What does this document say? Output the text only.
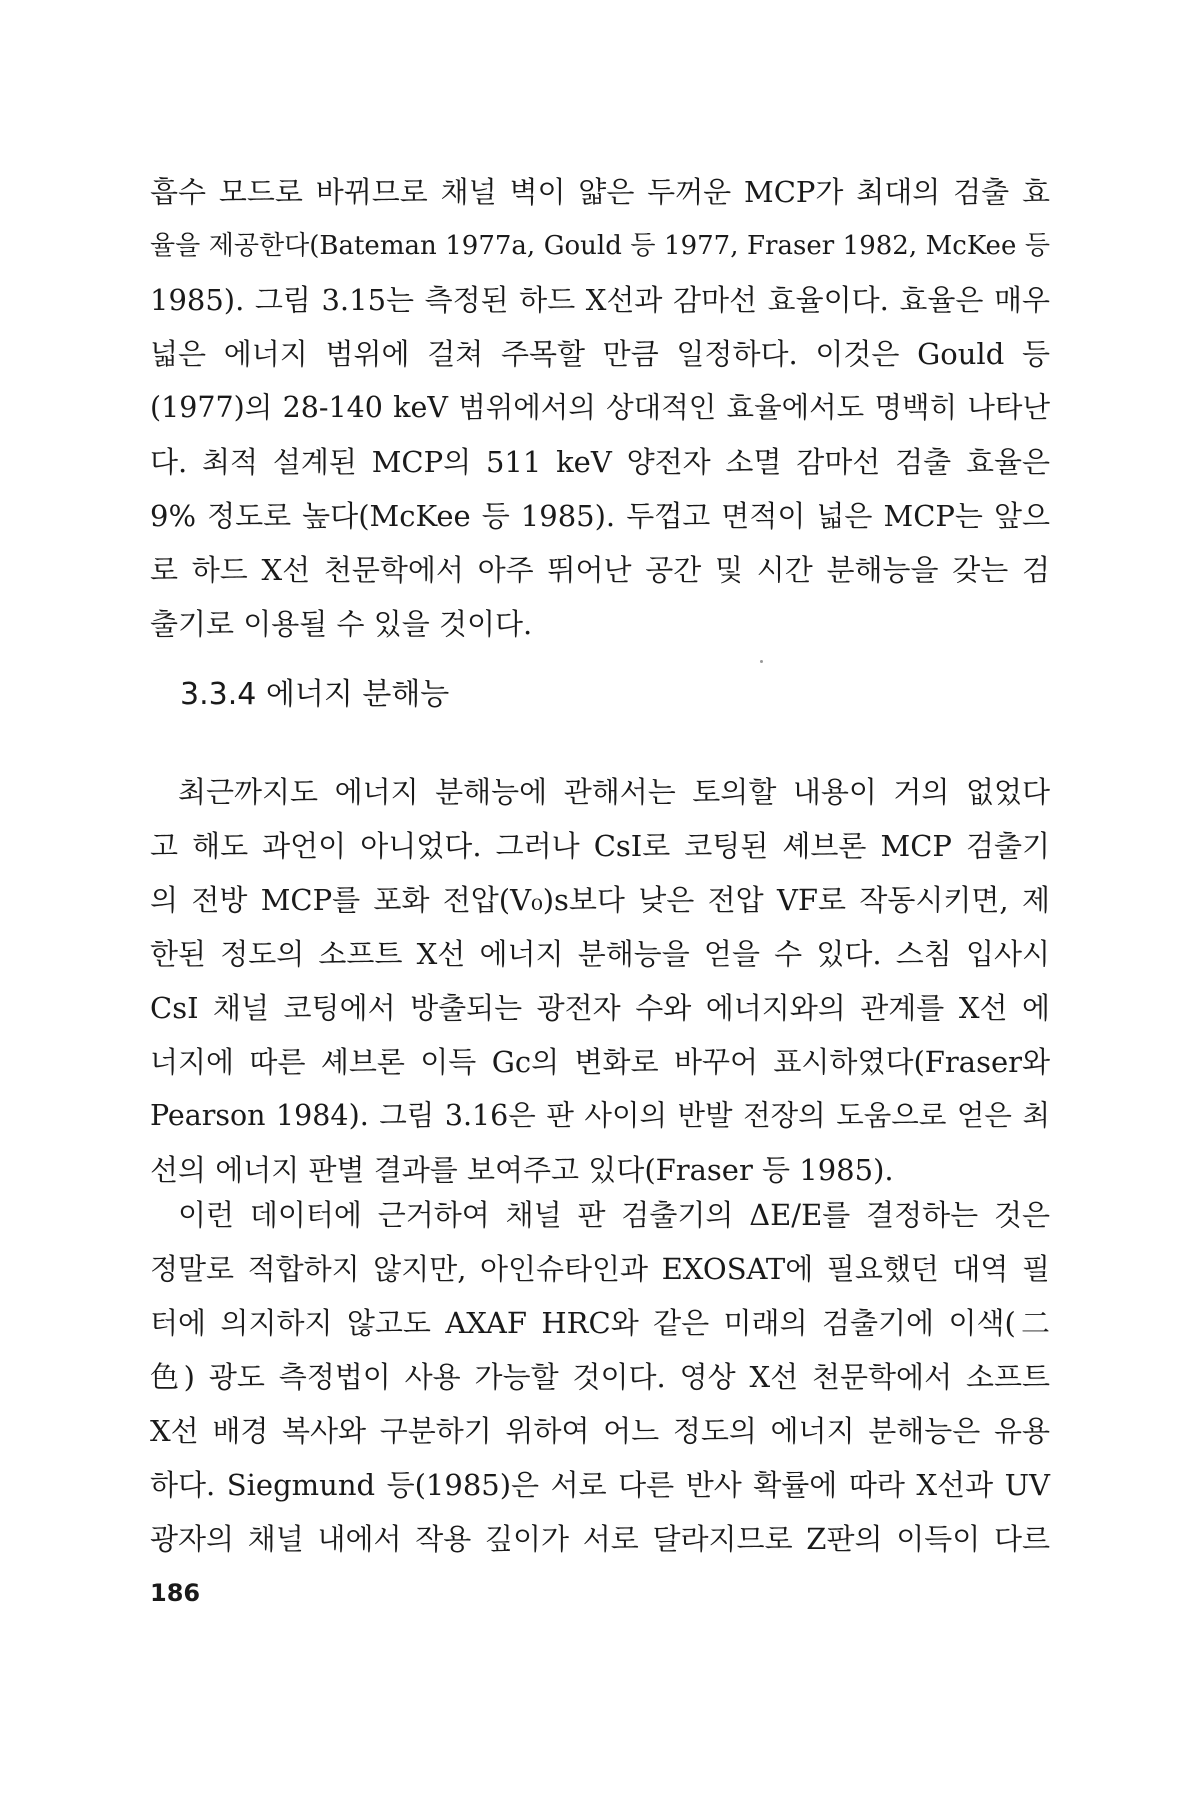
흡수 모드로 바뀌므로 채널 벽이 얇은 두꺼운 MCP가 최대의 검출 효
율을 제공한다(Bateman 1977a, Gould 등 1977, Fraser 1982, McKee 등
1985). 그림 3.15는 측정된 하드 X선과 감마선 효율이다. 효율은 매우
넓은 에너지 범위에 걸쳐 주목할 만큼 일정하다. 이것은 Gould 등
(1977)의 28-140 keV 범위에서의 상대적인 효율에서도 명백히 나타난
다. 최적 설계된 MCP의 511 keV 양전자 소멸 감마선 검출 효율은
9% 정도로 높다(McKee 등 1985). 두껍고 면적이 넓은 MCP는 앞으
로 하드 X선 천문학에서 아주 뛰어난 공간 및 시간 분해능을 갖는 검
출기로 이용될 수 있을 것이다.
3.3.4 에너지 분해능
최근까지도 에너지 분해능에 관해서는 토의할 내용이 거의 없었다
고 해도 과언이 아니었다. 그러나 CsI로 코팅된 셰브론 MCP 검출기
의 전방 MCP를 포화 전압(V₀)s보다 낮은 전압 VF로 작동시키면, 제
한된 정도의 소프트 X선 에너지 분해능을 얻을 수 있다. 스침 입사시
CsI 채널 코팅에서 방출되는 광전자 수와 에너지와의 관계를 X선 에
너지에 따른 셰브론 이득 Gc의 변화로 바꾸어 표시하였다(Fraser와
Pearson 1984). 그림 3.16은 판 사이의 반발 전장의 도움으로 얻은 최
선의 에너지 판별 결과를 보여주고 있다(Fraser 등 1985).
이런 데이터에 근거하여 채널 판 검출기의 ΔE/E를 결정하는 것은
정말로 적합하지 않지만, 아인슈타인과 EXOSAT에 필요했던 대역 필
터에 의지하지 않고도 AXAF HRC와 같은 미래의 검출기에 이색(二
色) 광도 측정법이 사용 가능할 것이다. 영상 X선 천문학에서 소프트
X선 배경 복사와 구분하기 위하여 어느 정도의 에너지 분해능은 유용
하다. Siegmund 등(1985)은 서로 다른 반사 확률에 따라 X선과 UV
광자의 채널 내에서 작용 깊이가 서로 달라지므로 Z판의 이득이 다르
186
